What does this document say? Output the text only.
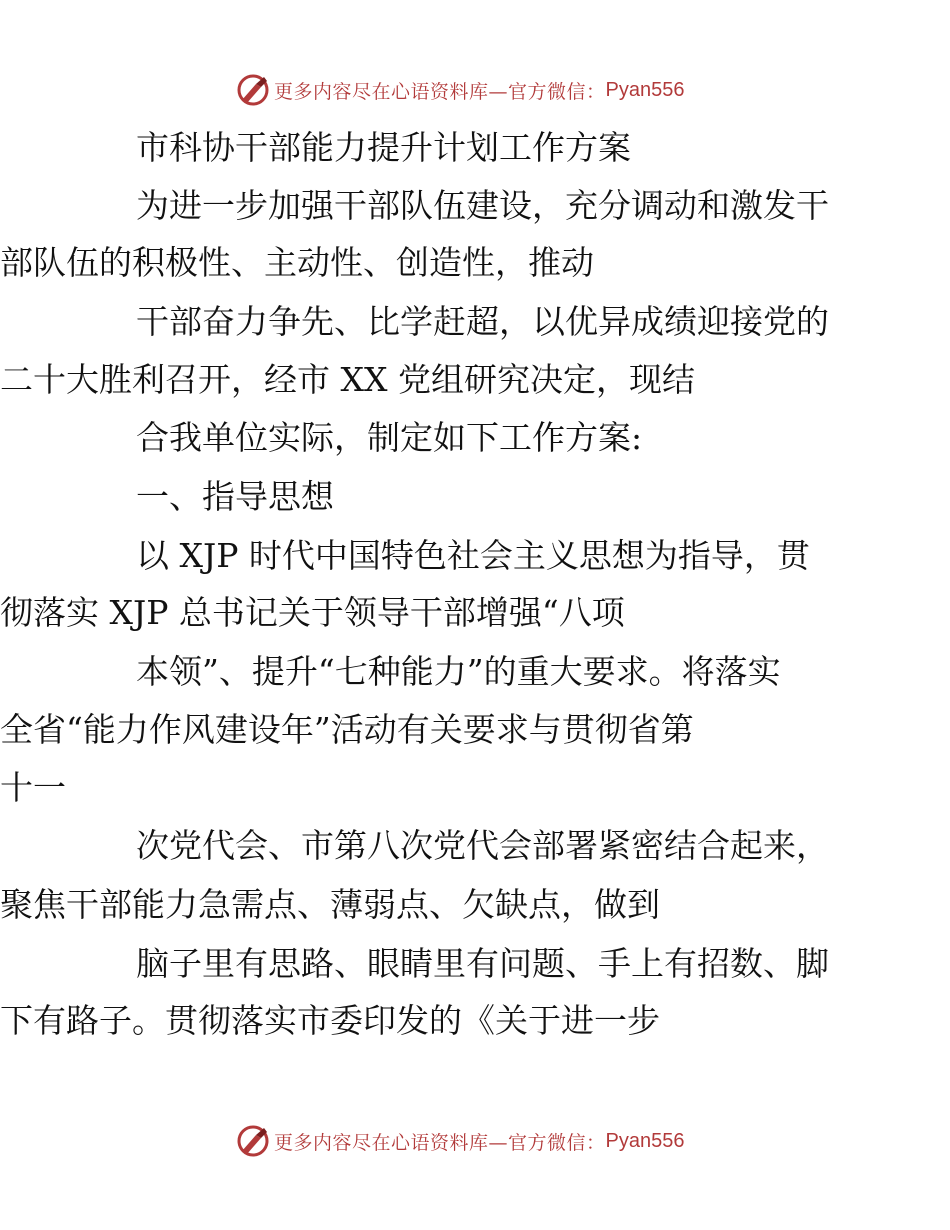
更多内容尽在心语资料库—官方微信： Pyan556
市科协干部能力提升计划工作方案
为进一步加强干部队伍建设，充分调动和激发干
部队伍的积极性、主动性、创造性，推动
干部奋力争先、比学赶超，以优异成绩迎接党的
二十大胜利召开，经市 XX 党组研究决定，现结
合我单位实际，制定如下工作方案:
一、指导思想
以 XJP 时代中国特色社会主义思想为指导，贯
彻落实 XJP 总书记关于领导干部增强“八项
本领”、提升“七种能力”的重大要求。将落实
全省“能力作风建设年”活动有关要求与贯彻省第
十一
次党代会、市第八次党代会部署紧密结合起来，
聚焦干部能力急需点、薄弱点、欠缺点，做到
脑子里有思路、眼睛里有问题、手上有招数、脚
下有路子。贯彻落实市委印发的《关于进一步
更多内容尽在心语资料库—官方微信： Pyan556
